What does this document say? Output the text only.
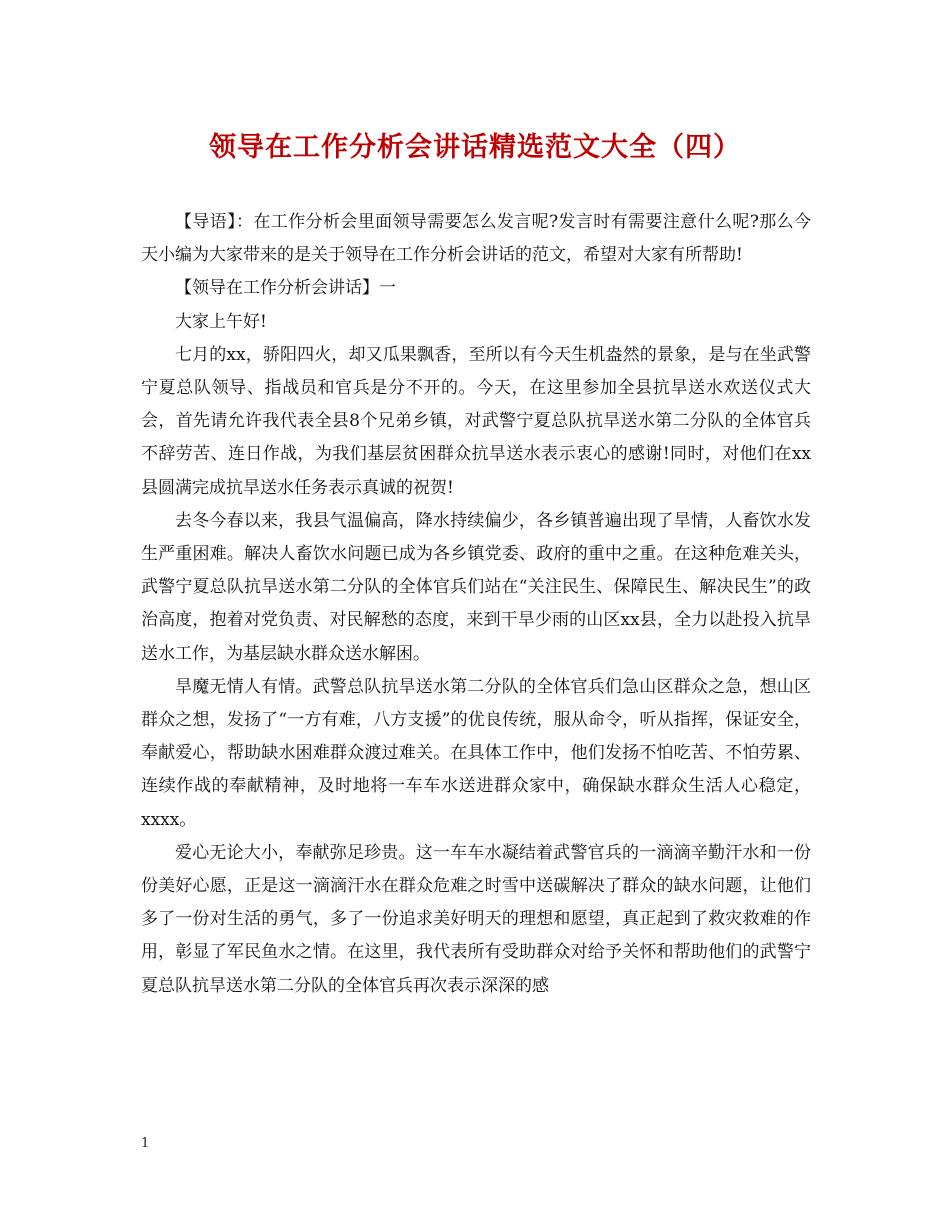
领导在工作分析会讲话精选范文大全（四）

【导语】：在工作分析会里面领导需要怎么发言呢?发言时有需要注意什么呢?那么今天小编为大家带来的是关于领导在工作分析会讲话的范文，希望对大家有所帮助!

【领导在工作分析会讲话】一

大家上午好!

七月的xx，骄阳四火，却又瓜果飘香，至所以有今天生机盎然的景象，是与在坐武警宁夏总队领导、指战员和官兵是分不开的。今天，在这里参加全县抗旱送水欢送仪式大会，首先请允许我代表全县8个兄弟乡镇，对武警宁夏总队抗旱送水第二分队的全体官兵不辞劳苦、连日作战，为我们基层贫困群众抗旱送水表示衷心的感谢!同时，对他们在xx县圆满完成抗旱送水任务表示真诚的祝贺!

去冬今春以来，我县气温偏高，降水持续偏少，各乡镇普遍出现了旱情，人畜饮水发生严重困难。解决人畜饮水问题已成为各乡镇党委、政府的重中之重。在这种危难关头，武警宁夏总队抗旱送水第二分队的全体官兵们站在“关注民生、保障民生、解决民生”的政治高度，抱着对党负责、对民解愁的态度，来到干旱少雨的山区xx县，全力以赴投入抗旱送水工作，为基层缺水群众送水解困。

旱魔无情人有情。武警总队抗旱送水第二分队的全体官兵们急山区群众之急，想山区群众之想，发扬了“一方有难，八方支援”的优良传统，服从命令，听从指挥，保证安全，奉献爱心，帮助缺水困难群众渡过难关。在具体工作中，他们发扬不怕吃苦、不怕劳累、连续作战的奉献精神，及时地将一车车水送进群众家中，确保缺水群众生活人心稳定，xxxx。

爱心无论大小，奉献弥足珍贵。这一车车水凝结着武警官兵的一滴滴辛勤汗水和一份份美好心愿，正是这一滴滴汗水在群众危难之时雪中送碳解决了群众的缺水问题，让他们多了一份对生活的勇气，多了一份追求美好明天的理想和愿望，真正起到了救灾救难的作用，彰显了军民鱼水之情。在这里，我代表所有受助群众对给予关怀和帮助他们的武警宁夏总队抗旱送水第二分队的全体官兵再次表示深深的感

1
